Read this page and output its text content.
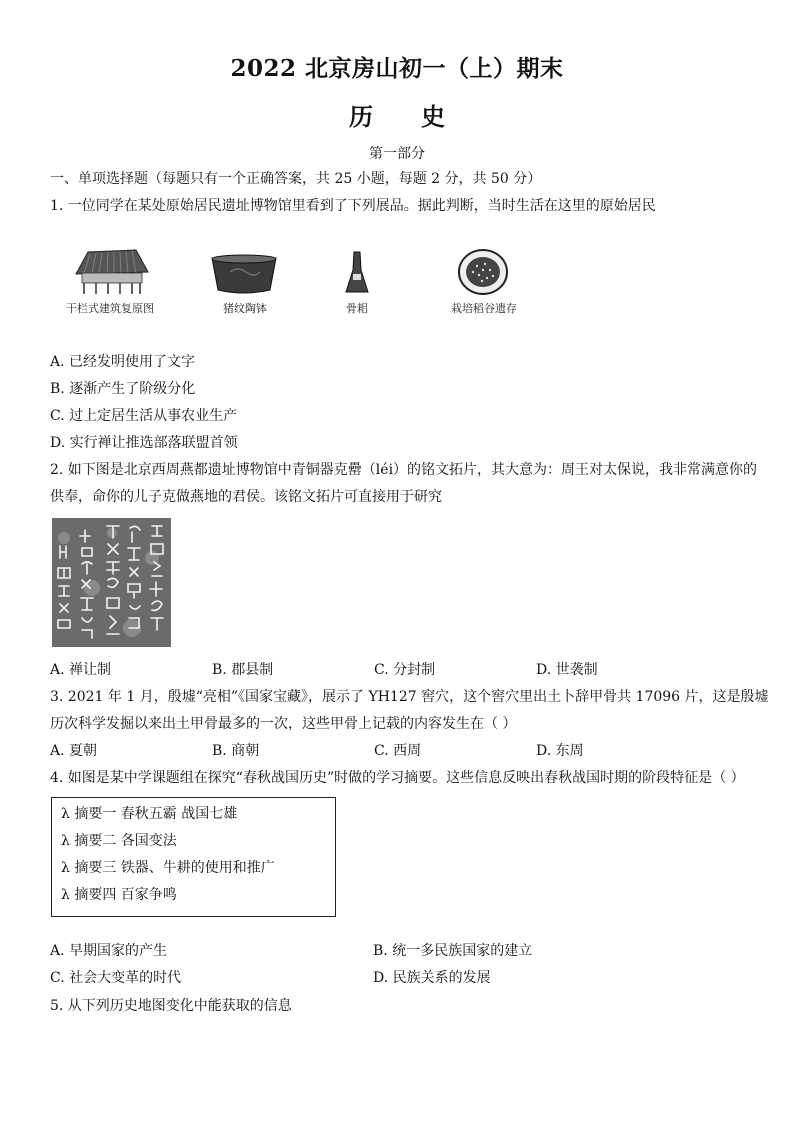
2022 北京房山初一（上）期末
历史
第一部分
一、单项选择题（每题只有一个正确答案，共 25 小题，每题 2 分，共 50 分）
1. 一位同学在某处原始居民遗址博物馆里看到了下列展品。据此判断，当时生活在这里的原始居民
干栏式建筑复原图	猪纹陶钵	骨耜	栽培稻谷遗存
A. 已经发明使用了文字
B. 逐渐产生了阶级分化
C. 过上定居生活从事农业生产
D. 实行禅让推选部落联盟首领
2. 如下图是北京西周燕都遗址博物馆中青铜器克罍（léi）的铭文拓片，其大意为：周王对太保说，我非常满意你的
供奉，命你的儿子克做燕地的君侯。该铭文拓片可直接用于研究
A. 禅让制	B. 郡县制	C. 分封制	D. 世袭制
3. 2021 年 1 月，殷墟“亮相”《国家宝藏》，展示了 YH127 窖穴，这个窖穴里出土卜辞甲骨共 17096 片，这是殷墟
历次科学发掘以来出土甲骨最多的一次，这些甲骨上记载的内容发生在（ ）
A. 夏朝	B. 商朝	C. 西周	D. 东周
4. 如图是某中学课题组在探究“春秋战国历史”时做的学习摘要。这些信息反映出春秋战国时期的阶段特征是（ ）
λ 摘要一 春秋五霸 战国七雄
λ 摘要二 各国变法
λ 摘要三 铁器、牛耕的使用和推广
λ 摘要四 百家争鸣
A. 早期国家的产生	B. 统一多民族国家的建立
C. 社会大变革的时代	D. 民族关系的发展
5. 从下列历史地图变化中能获取的信息
